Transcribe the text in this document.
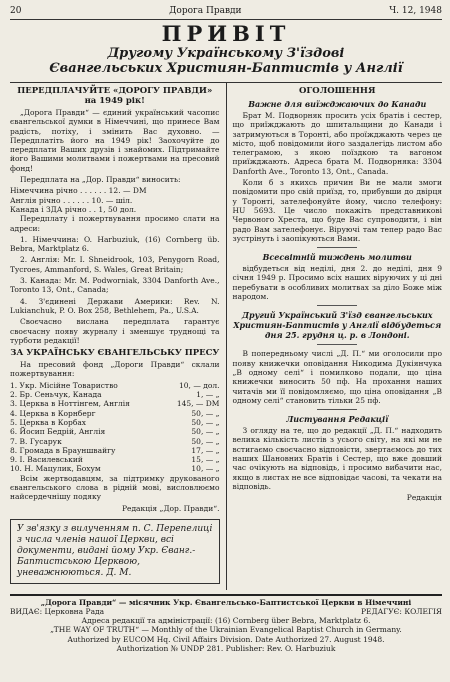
20	Дорога Правди	Ч. 12, 1948
ПРИВІТ
Другому Українському З'їздові
Євангельських Християн-Баптистів у Англії
ПЕРЕДПЛАЧУЙТЕ «ДОРОГУ ПРАВДИ» на 1949 рік!

„Дорога Правди“ — єдиний український часопис євангельської думки в Німеччині, що принесе Вам радість, потіху, і змінить Вас духовно. — Передплатіть його на 1949 рік! Заохочуйте до передплати Ваших друзів і знайомих. Підтримайте його Вашими молитвами і пожертвами на пресовий фонд!

Передплата на „Дор. Правди“ виносить:

Німеччина річно . . . . . . 12. — DM
Англія річно . . . . . . 10. — шіл.
Канада і ЗДА річно . . 1, 50 дол.

Передплату і пожертвування просимо слати на адреси:

1. Німеччина: O. Harbuziuk, (16) Cornberg üb. Bebra, Marktplatz 6.

2. Англія: Mr. I. Shneidrook, 103, Penygorn Road, Tycroes, Ammanford, S. Wales, Great Britain;

3. Канада: Mr. M. Podworniak, 3304 Danforth Ave., Toronto 13, Ont., Canada;

4. З'єдинені Держави Америки: Rev. N. Lukianchuk, P. O. Box 258, Bethlehem, Pa., U.S.A.

Своєчасно вислана передплата гарантує своєчасну появу журналу і зменшує труднощі та турботи редакції!

ЗА УКРАЇНСЬКУ ЄВАНГЕЛЬСЬКУ ПРЕСУ

На пресовий фонд „Дороги Правди“ склали пожертвування:

1. Укр. Місійне Товариство	10, — дол.
2. Бр. Сеньчук, Канада	1, — „
3. Церква в Ноттінгем, Англія	145, — DM
4. Церква в Корнберг	50, — „
5. Церква в Корбах	50, — „
6. Йосип Бедрій, Англія	50, — „
7. В. Гусарук	50, — „
8. Громада в Брауншвайгу	17, — „
9. І. Василевський	15, — „
10. Н. Мацулик, Бохум	10, — „

Всім жертводавцям, за підтримку друкованого євангельського слова в рідній мові, висловлюємо найсердечнішу подяку

Редакція „Дор. Правди“.

У зв'язку з вилученням п. С. Перепелиці з числа членів нашої Церкви, всі документи, видані йому Укр. Єванг.-Баптистською Церквою, уневажнюються. Д. М.
ОГОЛОШЕННЯ
Важне для виїжджаючих до Канади

Брат М. Подворняк просить усіх братів і сестер, що приїжджають до шпитальщини до Канади і затримуються в Торонті, або проїжджають через це місто, щоб повідомили його заздалегідь листом або телеграмою, з якою поїздкою та вагоном приїжджають. Адреса брата М. Подворняка: 3304 Danforth Ave., Toronto 13, Ont., Canada.

Коли б з якихсь причин Ви не мали змоги повідомити про свій приїзд, то, прибувши до двірця у Торонті, зателефонуйте йому, число телефону: HU 5693. Це число покажіть представникові Червоного Хреста, що буде Вас супроводити, і він радо Вам зателефонує. Віруючі там тепер радо Вас зустрінуть і заопікуються Вами.

Всесвітній тиждень молитви

відбудеться від неділі, дня 2. до неділі, дня 9 січня 1949 р. Просимо всіх наших віруючих у ці дні перебувати в особливих молитвах за діло Боже між народом.

Другий Український З'їзд євангельських Християн-Баптистів у Англії відбудеться дня 25. грудня ц. р. в Лондоні.

В попередньому числі „Д. П.“ ми оголосили про появу книжечки оповідання Никодима Дукіянчука „В одному селі“ і помилково подали, що ціна книжечки виносить 50 пф. На прохання наших читачів ми її повідомляємо, що ціна оповідання „В одному селі“ становить тільки 25 пф.

Листування Редакції

З огляду на те, що до редакції „Д. П.“ надходить велика кількість листів з усього світу, на які ми не встигаємо своєчасно відповісти, звертаємось до тих наших Шановних Братів і Сестер, що вже довший час очікують на відповідь, і просимо вибачити нас, якщо в листах не все відповідає часові, та чекати на відповідь.

Редакція

„Дорога Правди“ — місячник Укр. Євангельсько-Баптистської Церкви в Німеччині
ВИДАЄ: Церковна Рада	РЕДАГУЄ: КОЛЕГІЯ
Адреса редакції та адміністрації: (16) Cornberg über Bebra, Marktplatz 6.
„THE WAY OF TRUTH“ — Monthly of the Ukrainian Evangelical Baptist Church in Germany.
Authorized by EUCOM Hq. Civil Affairs Division. Date Authorized 27. August 1948.
Authorization № UNDP 281. Publisher: Rev. O. Harbuziuk
